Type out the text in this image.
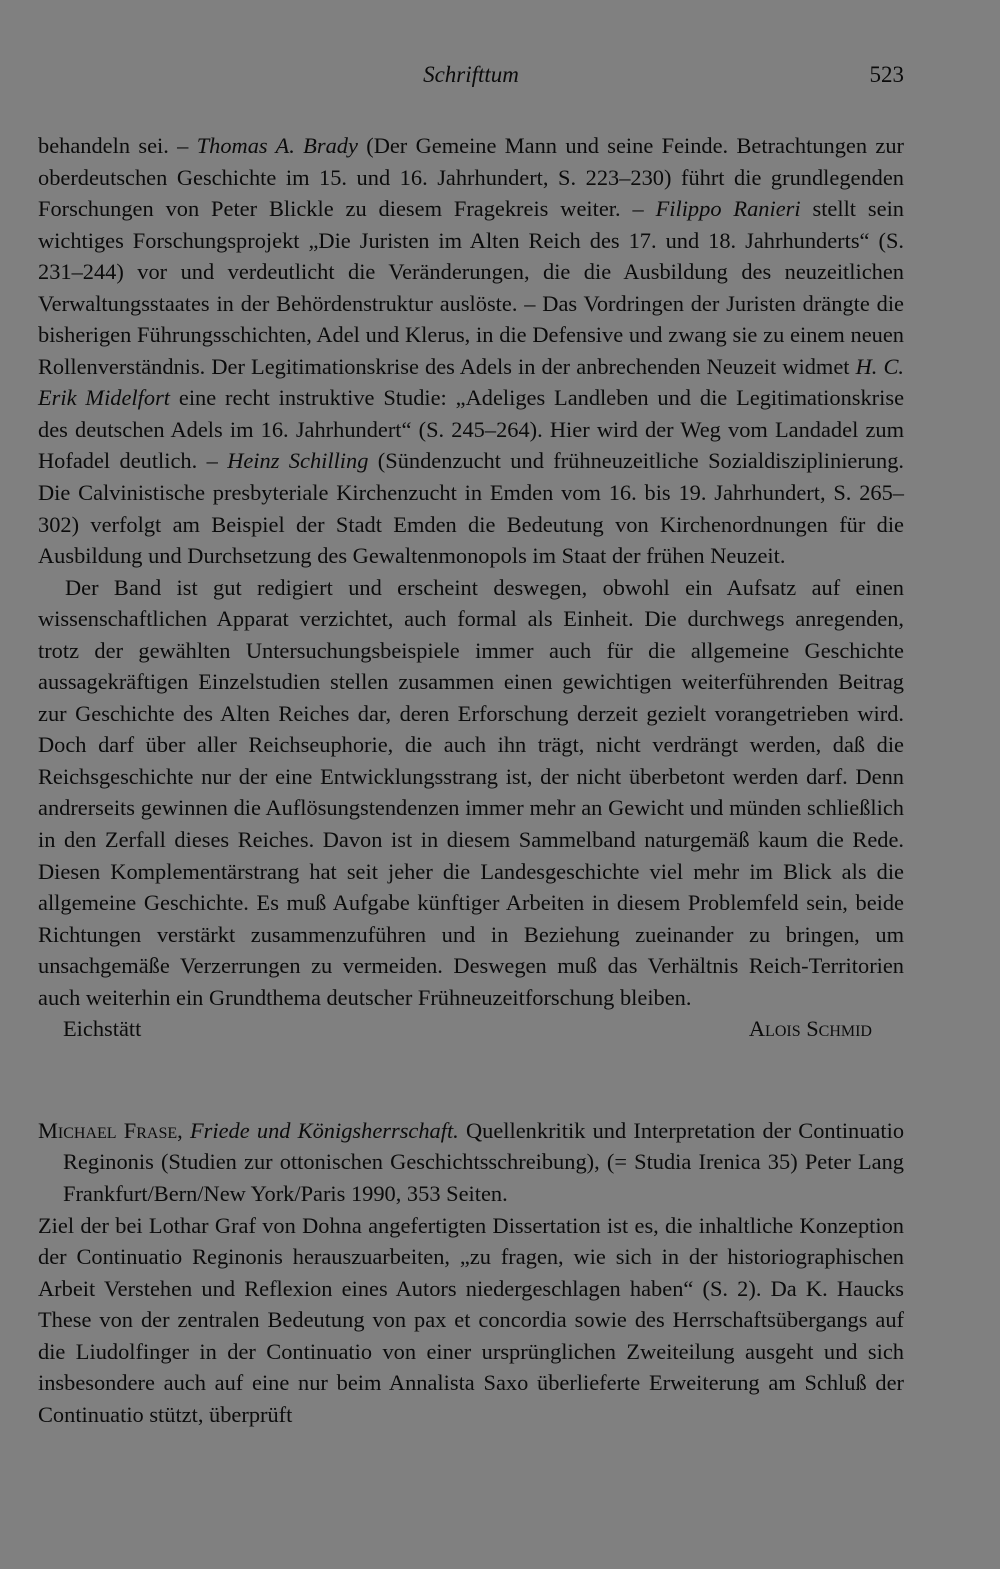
Schrifttum	523

behandeln sei. – Thomas A. Brady (Der Gemeine Mann und seine Feinde. Betrachtungen zur oberdeutschen Geschichte im 15. und 16. Jahrhundert, S. 223–230) führt die grundlegenden Forschungen von Peter Blickle zu diesem Fragekreis weiter. – Filippo Ranieri stellt sein wichtiges Forschungsprojekt „Die Juristen im Alten Reich des 17. und 18. Jahrhunderts“ (S. 231–244) vor und verdeutlicht die Veränderungen, die die Ausbildung des neuzeitlichen Verwaltungsstaates in der Behördenstruktur auslöste. – Das Vordringen der Juristen drängte die bisherigen Führungsschichten, Adel und Klerus, in die Defensive und zwang sie zu einem neuen Rollenverständnis. Der Legitimationskrise des Adels in der anbrechenden Neuzeit widmet H. C. Erik Midelfort eine recht instruktive Studie: „Adeliges Landleben und die Legitimationskrise des deutschen Adels im 16. Jahrhundert“ (S. 245–264). Hier wird der Weg vom Landadel zum Hofadel deutlich. – Heinz Schilling (Sündenzucht und frühneuzeitliche Sozialdisziplinierung. Die Calvinistische presbyteriale Kirchenzucht in Emden vom 16. bis 19. Jahrhundert, S. 265–302) verfolgt am Beispiel der Stadt Emden die Bedeutung von Kirchenordnungen für die Ausbildung und Durchsetzung des Gewaltenmonopols im Staat der frühen Neuzeit.

Der Band ist gut redigiert und erscheint deswegen, obwohl ein Aufsatz auf einen wissenschaftlichen Apparat verzichtet, auch formal als Einheit. Die durchwegs anregenden, trotz der gewählten Untersuchungsbeispiele immer auch für die allgemeine Geschichte aussagekräftigen Einzelstudien stellen zusammen einen gewichtigen weiterführenden Beitrag zur Geschichte des Alten Reiches dar, deren Erforschung derzeit gezielt vorangetrieben wird. Doch darf über aller Reichseuphorie, die auch ihn trägt, nicht verdrängt werden, daß die Reichsgeschichte nur der eine Entwicklungsstrang ist, der nicht überbetont werden darf. Denn andrerseits gewinnen die Auflösungstendenzen immer mehr an Gewicht und münden schließlich in den Zerfall dieses Reiches. Davon ist in diesem Sammelband naturgemäß kaum die Rede. Diesen Komplementärstrang hat seit jeher die Landesgeschichte viel mehr im Blick als die allgemeine Geschichte. Es muß Aufgabe künftiger Arbeiten in diesem Problemfeld sein, beide Richtungen verstärkt zusammenzuführen und in Beziehung zueinander zu bringen, um unsachgemäße Verzerrungen zu vermeiden. Deswegen muß das Verhältnis Reich-Territorien auch weiterhin ein Grundthema deutscher Frühneuzeitforschung bleiben.

Eichstätt	Alois Schmid

Michael Frase, Friede und Königsherrschaft. Quellenkritik und Interpretation der Continuatio Reginonis (Studien zur ottonischen Geschichtsschreibung), (= Studia Irenica 35) Peter Lang Frankfurt/Bern/New York/Paris 1990, 353 Seiten.

Ziel der bei Lothar Graf von Dohna angefertigten Dissertation ist es, die inhaltliche Konzeption der Continuatio Reginonis herauszuarbeiten, „zu fragen, wie sich in der historiographischen Arbeit Verstehen und Reflexion eines Autors niedergeschlagen haben“ (S. 2). Da K. Haucks These von der zentralen Bedeutung von pax et concordia sowie des Herrschaftsübergangs auf die Liudolfinger in der Continuatio von einer ursprünglichen Zweiteilung ausgeht und sich insbesondere auch auf eine nur beim Annalista Saxo überlieferte Erweiterung am Schluß der Continuatio stützt, überprüft
